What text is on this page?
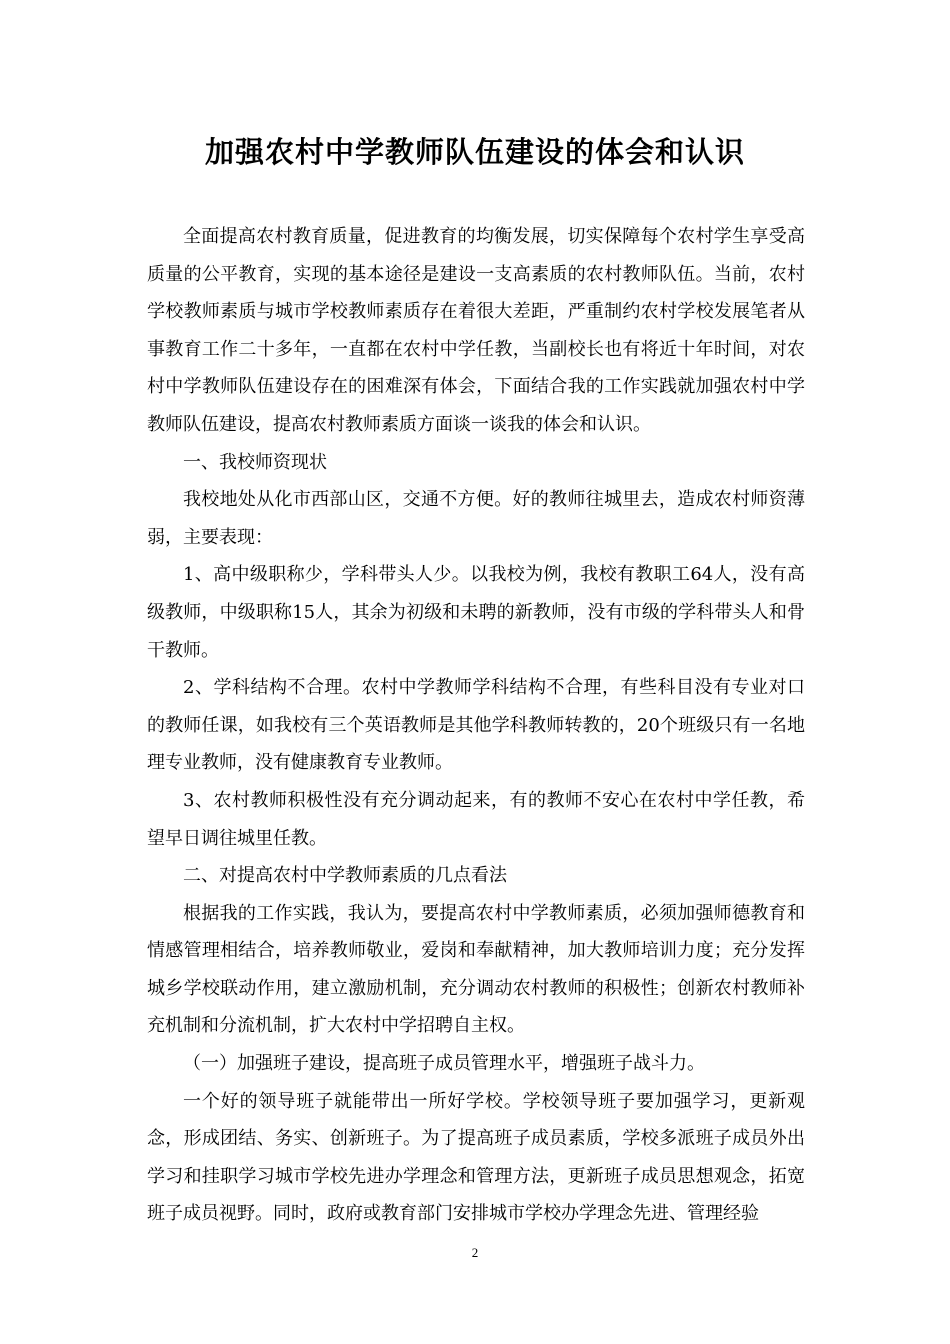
加强农村中学教师队伍建设的体会和认识

全面提高农村教育质量，促进教育的均衡发展，切实保障每个农村学生享受高质量的公平教育，实现的基本途径是建设一支高素质的农村教师队伍。当前，农村学校教师素质与城市学校教师素质存在着很大差距，严重制约农村学校发展笔者从事教育工作二十多年，一直都在农村中学任教，当副校长也有将近十年时间，对农村中学教师队伍建设存在的困难深有体会，下面结合我的工作实践就加强农村中学教师队伍建设，提高农村教师素质方面谈一谈我的体会和认识。

一、我校师资现状

我校地处从化市西部山区，交通不方便。好的教师往城里去，造成农村师资薄弱，主要表现：

1、高中级职称少，学科带头人少。以我校为例，我校有教职工64人，没有高级教师，中级职称15人，其余为初级和未聘的新教师，没有市级的学科带头人和骨干教师。

2、学科结构不合理。农村中学教师学科结构不合理，有些科目没有专业对口的教师任课，如我校有三个英语教师是其他学科教师转教的，20个班级只有一名地理专业教师，没有健康教育专业教师。

3、农村教师积极性没有充分调动起来，有的教师不安心在农村中学任教，希望早日调往城里任教。

二、对提高农村中学教师素质的几点看法

根据我的工作实践，我认为，要提高农村中学教师素质，必须加强师德教育和情感管理相结合，培养教师敬业，爱岗和奉献精神，加大教师培训力度；充分发挥城乡学校联动作用，建立激励机制，充分调动农村教师的积极性；创新农村教师补充机制和分流机制，扩大农村中学招聘自主权。

（一）加强班子建设，提高班子成员管理水平，增强班子战斗力。

一个好的领导班子就能带出一所好学校。学校领导班子要加强学习，更新观念，形成团结、务实、创新班子。为了提高班子成员素质，学校多派班子成员外出学习和挂职学习城市学校先进办学理念和管理方法，更新班子成员思想观念，拓宽班子成员视野。同时，政府或教育部门安排城市学校办学理念先进、管理经验

2
